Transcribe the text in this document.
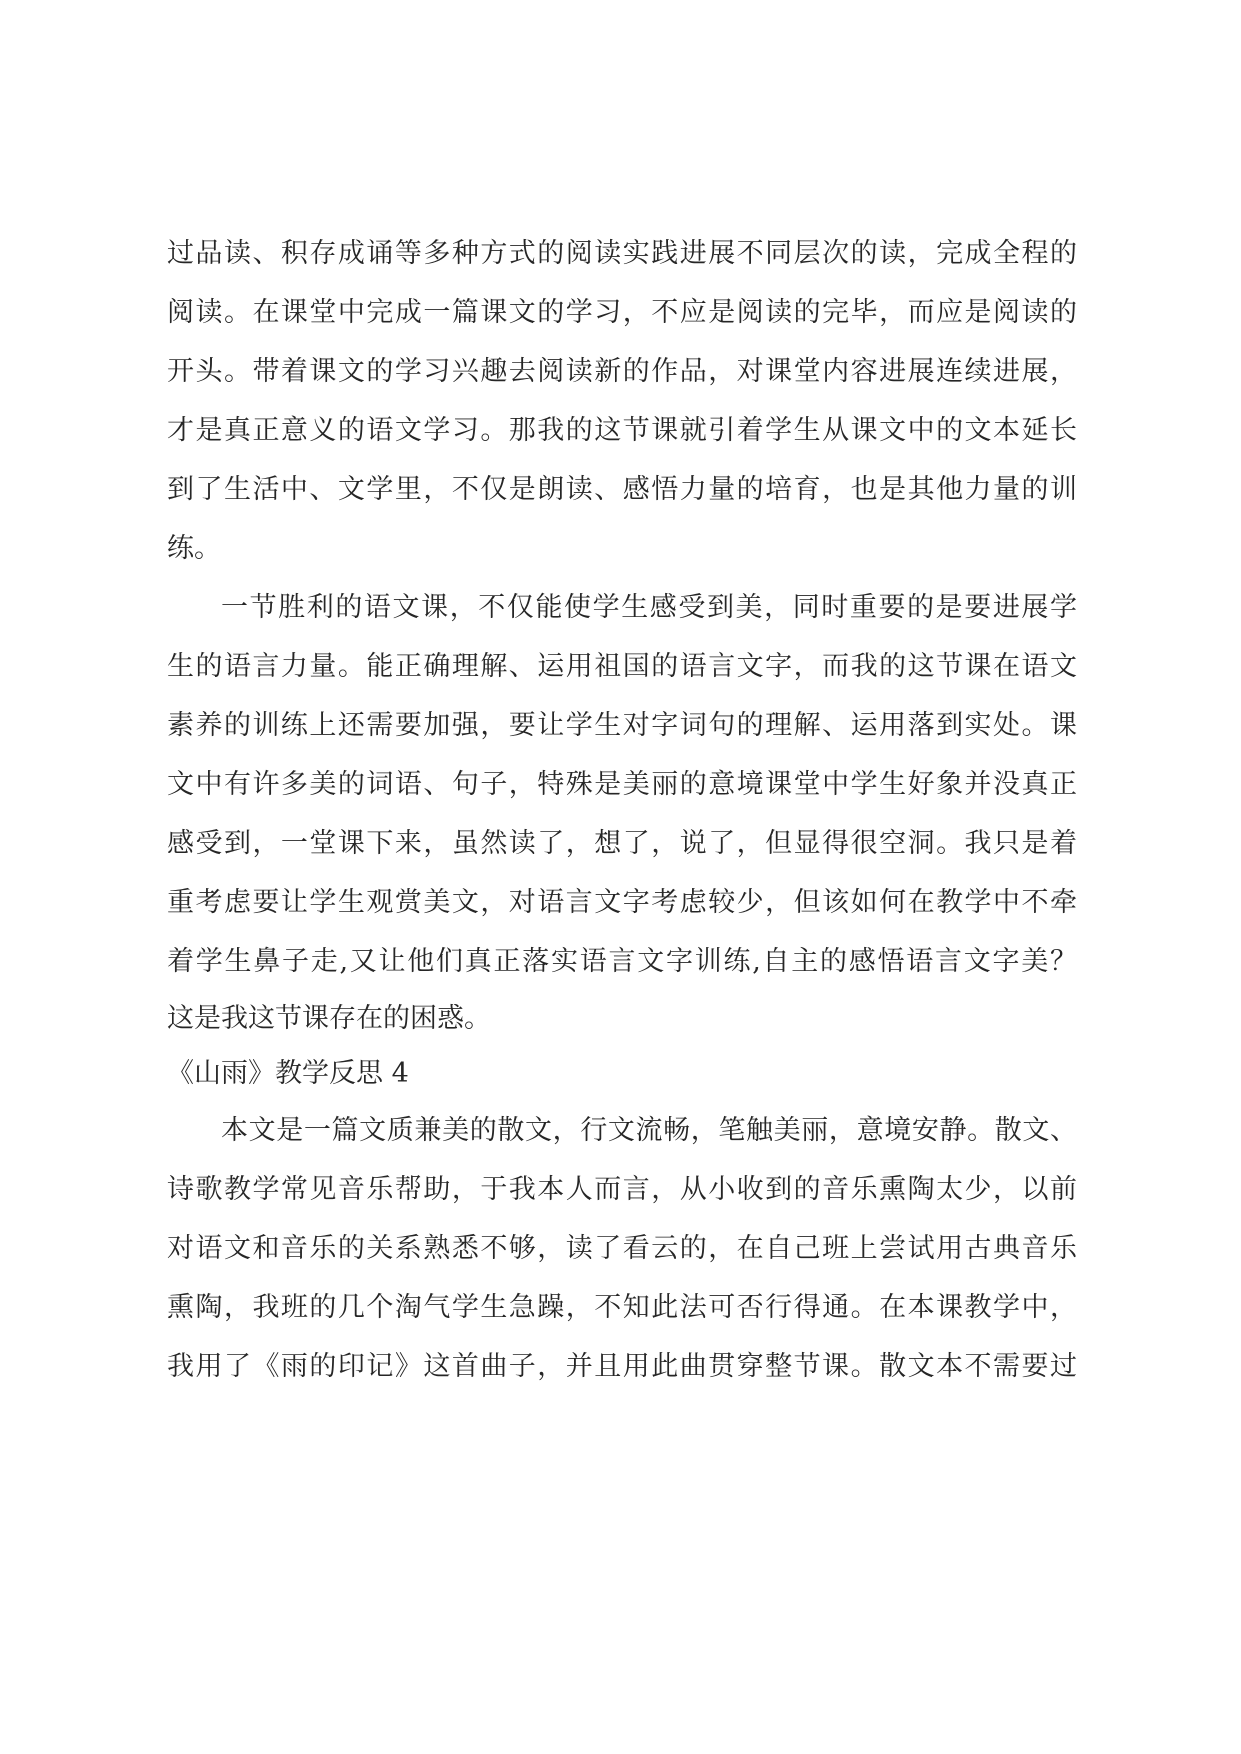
过品读、积存成诵等多种方式的阅读实践进展不同层次的读，完成全程的

阅读。在课堂中完成一篇课文的学习，不应是阅读的完毕，而应是阅读的

开头。带着课文的学习兴趣去阅读新的作品，对课堂内容进展连续进展，

才是真正意义的语文学习。那我的这节课就引着学生从课文中的文本延长

到了生活中、文学里，不仅是朗读、感悟力量的培育，也是其他力量的训

练。

一节胜利的语文课，不仅能使学生感受到美，同时重要的是要进展学

生的语言力量。能正确理解、运用祖国的语言文字，而我的这节课在语文

素养的训练上还需要加强，要让学生对字词句的理解、运用落到实处。课

文中有许多美的词语、句子，特殊是美丽的意境课堂中学生好象并没真正

感受到，一堂课下来，虽然读了，想了，说了，但显得很空洞。我只是着

重考虑要让学生观赏美文，对语言文字考虑较少，但该如何在教学中不牵

着学生鼻子走,又让他们真正落实语言文字训练,自主的感悟语言文字美？

这是我这节课存在的困惑。

《山雨》教学反思 4

本文是一篇文质兼美的散文，行文流畅，笔触美丽，意境安静。散文、

诗歌教学常见音乐帮助，于我本人而言，从小收到的音乐熏陶太少，以前

对语文和音乐的关系熟悉不够，读了看云的，在自己班上尝试用古典音乐

熏陶，我班的几个淘气学生急躁，不知此法可否行得通。在本课教学中，

我用了《雨的印记》这首曲子，并且用此曲贯穿整节课。散文本不需要过
